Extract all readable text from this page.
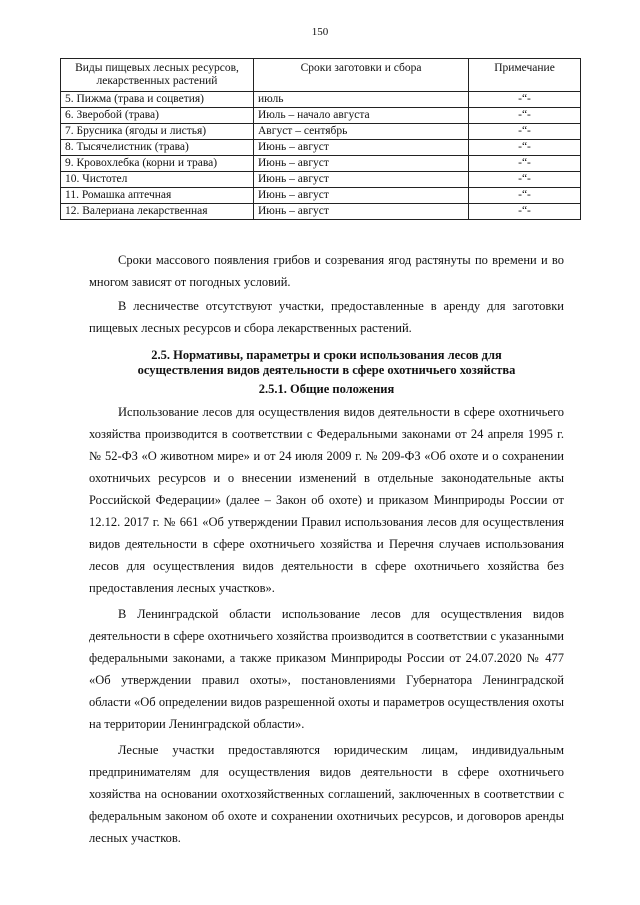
150
Виды пищевых лесных ресурсов, лекарственных растений	Сроки заготовки и сбора	Примечание
5. Пижма (трава и соцветия)	июль	-“-
6. Зверобой (трава)	Июль – начало августа	-“-
7. Брусника (ягоды и листья)	Август – сентябрь	-“-
8. Тысячелистник (трава)	Июнь – август	-“-
9. Кровохлебка (корни и трава)	Июнь – август	-“-
10. Чистотел	Июнь – август	-“-
11. Ромашка аптечная	Июнь – август	-“-
12. Валериана лекарственная	Июнь – август	-“-

Сроки массового появления грибов и созревания ягод растянуты по времени и во многом зависят от погодных условий.

В лесничестве отсутствуют участки, предоставленные в аренду для заготовки пищевых лесных ресурсов и сбора лекарственных растений.

2.5. Нормативы, параметры и сроки использования лесов для
осуществления видов деятельности в сфере охотничьего хозяйства
2.5.1. Общие положения

Использование лесов для осуществления видов деятельности в сфере охотничьего хозяйства производится в соответствии с Федеральными законами от 24 апреля 1995 г. № 52-ФЗ «О животном мире» и от 24 июля 2009 г. № 209-ФЗ «Об охоте и о сохранении охотничьих ресурсов и о внесении изменений в отдельные законодательные акты Российской Федерации» (далее – Закон об охоте) и приказом Минприроды России от 12.12. 2017 г. № 661 «Об утверждении Правил использования лесов для осуществления видов деятельности в сфере охотничьего хозяйства и Перечня случаев использования лесов для осуществления видов деятельности в сфере охотничьего хозяйства без предоставления лесных участков».

В Ленинградской области использование лесов для осуществления видов деятельности в сфере охотничьего хозяйства производится в соответствии с указанными федеральными законами, а также приказом Минприроды России от 24.07.2020 № 477 «Об утверждении правил охоты», постановлениями Губернатора Ленинградской области «Об определении видов разрешенной охоты и параметров осуществления охоты на территории Ленинградской области».

Лесные участки предоставляются юридическим лицам, индивидуальным предпринимателям для осуществления видов деятельности в сфере охотничьего хозяйства на основании охотхозяйственных соглашений, заключенных в соответствии с федеральным законом об охоте и сохранении охотничьих ресурсов, и договоров аренды лесных участков.
